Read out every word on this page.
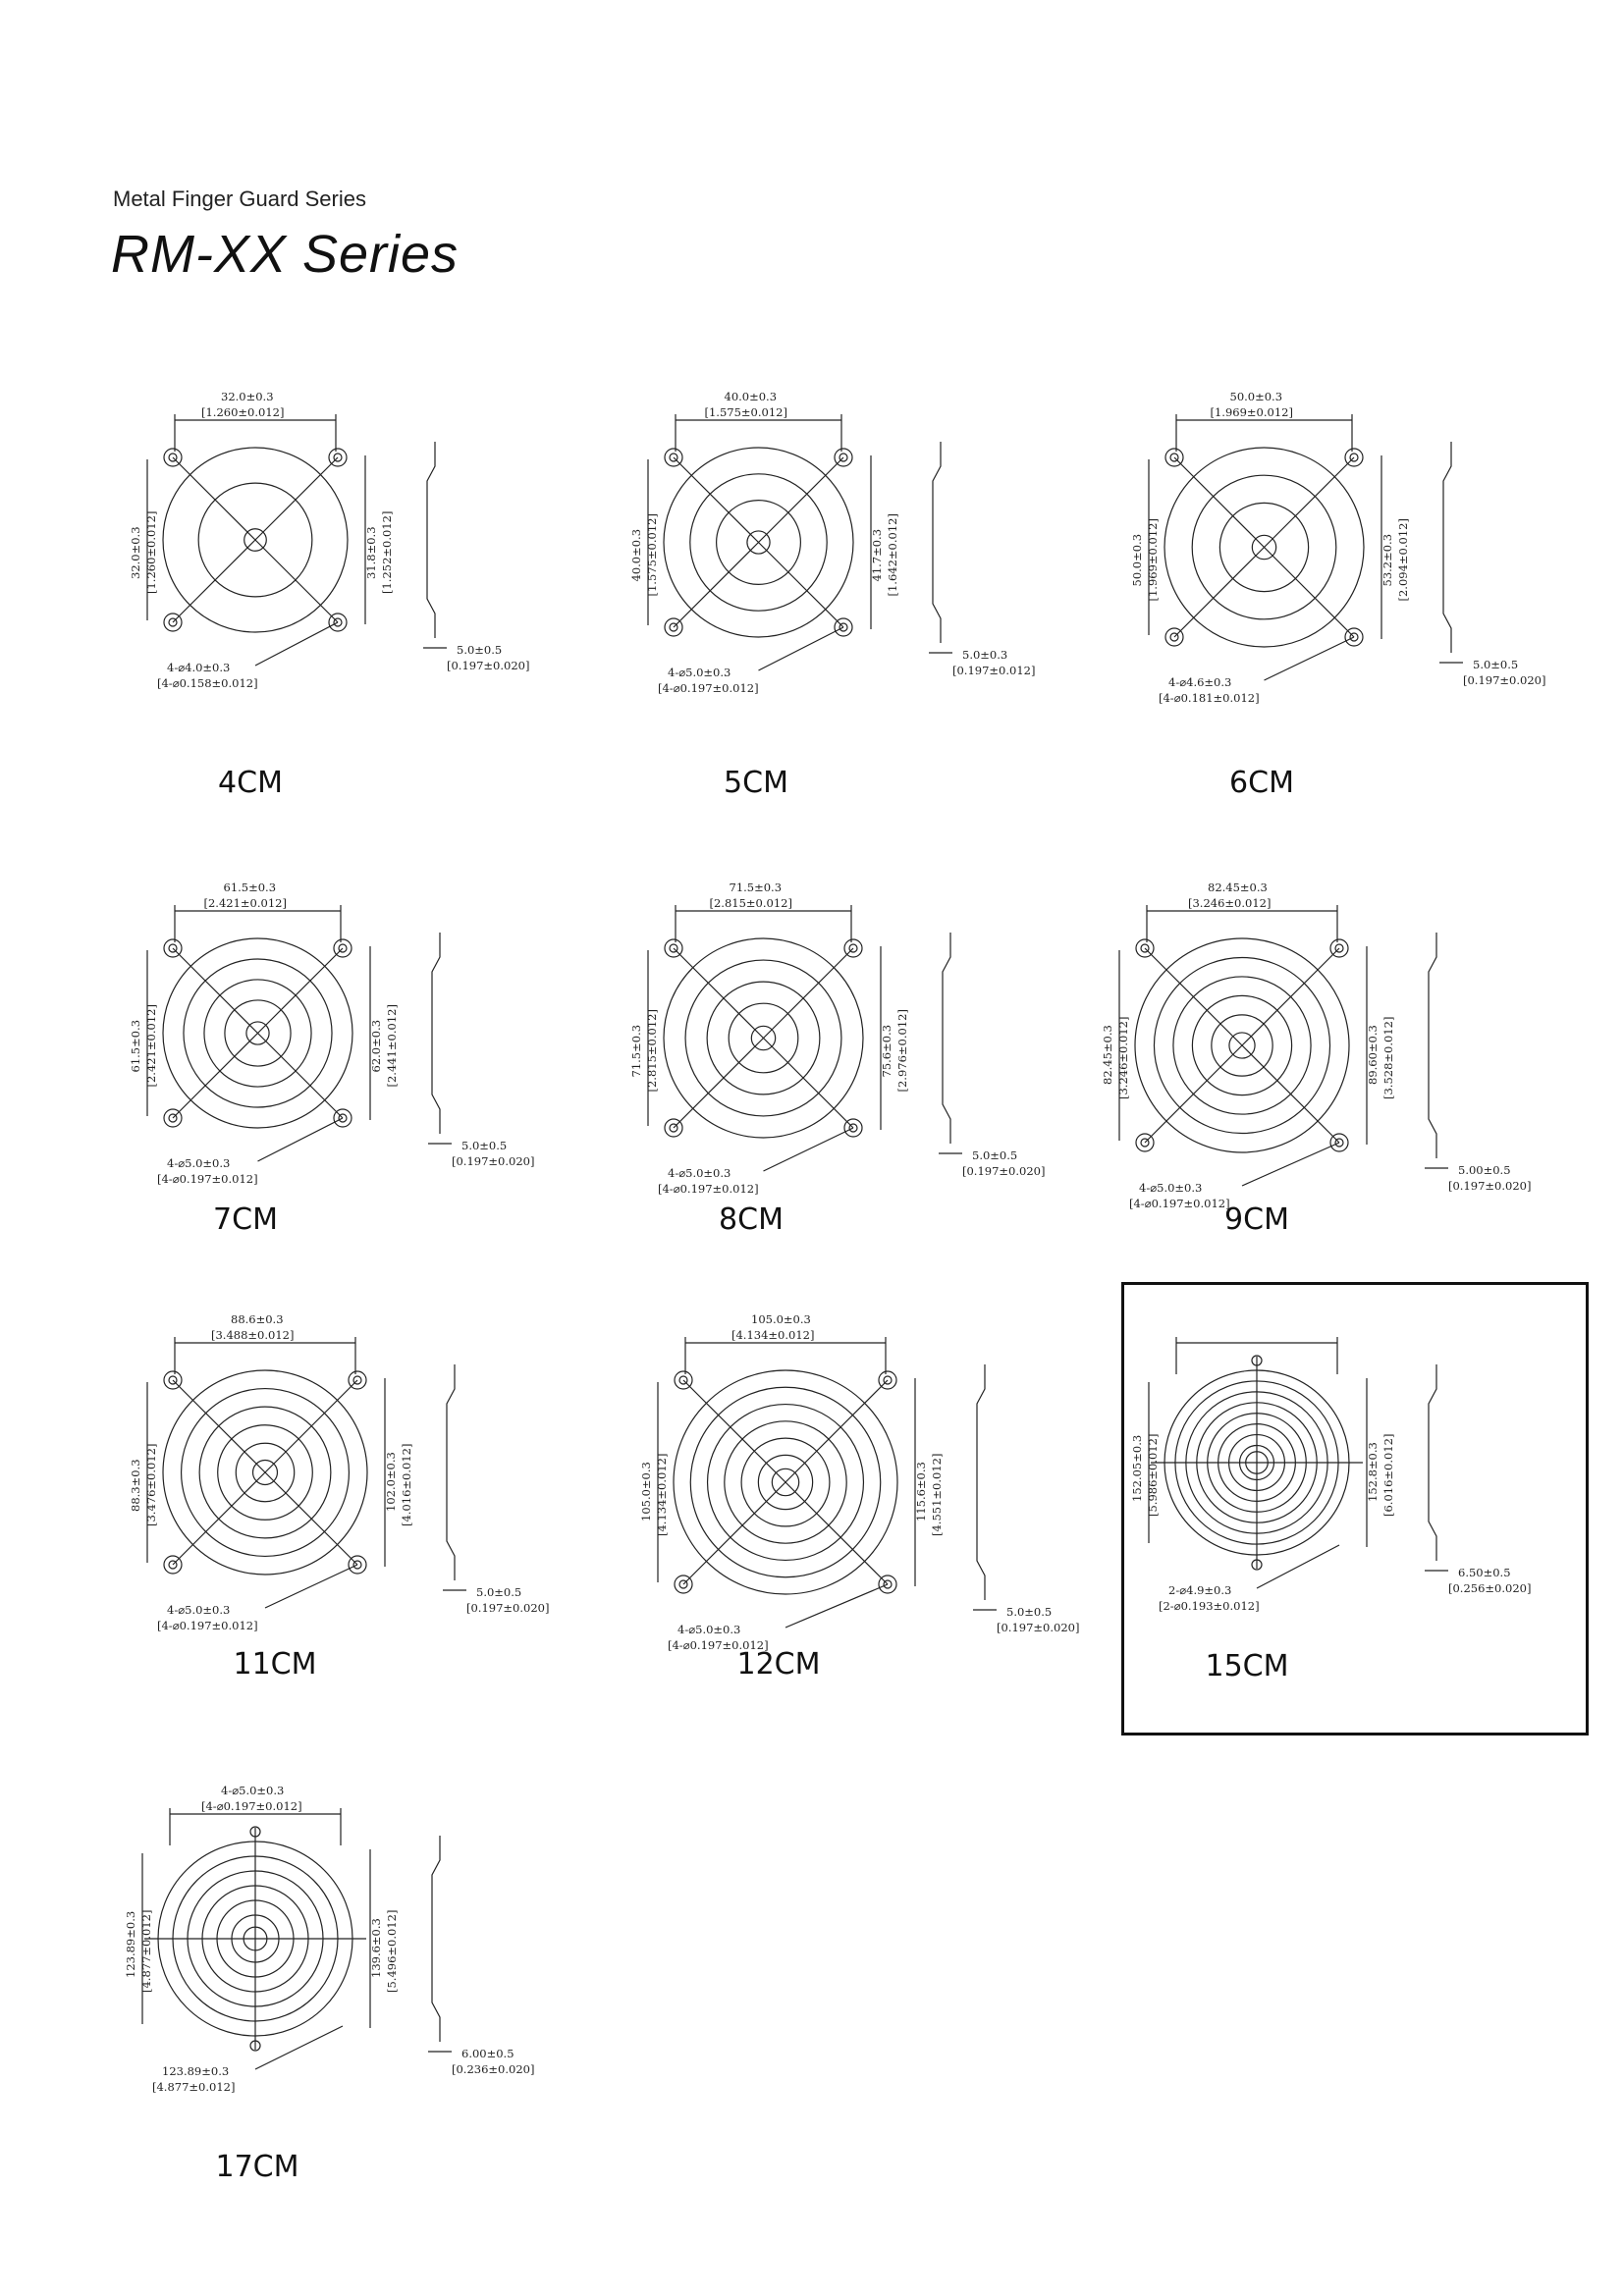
Metal Finger Guard Series
RM-XX Series
32.0±0.3
[1.260±0.012]
32.0±0.3 [1.260±0.012]	31.8±0.3 [1.252±0.012]
4-⌀4.0±0.3
[4-⌀0.158±0.012]
5.0±0.5
[0.197±0.020]
40.0±0.3
[1.575±0.012]
40.0±0.3 [1.575±0.012]	41.7±0.3 [1.642±0.012]
4-⌀5.0±0.3
[4-⌀0.197±0.012]
5.0±0.3
[0.197±0.012]
50.0±0.3
[1.969±0.012]
50.0±0.3 [1.969±0.012]	53.2±0.3 [2.094±0.012]
4-⌀4.6±0.3
[4-⌀0.181±0.012]
5.0±0.5
[0.197±0.020]
61.5±0.3
[2.421±0.012]
61.5±0.3 [2.421±0.012]	62.0±0.3 [2.441±0.012]
4-⌀5.0±0.3
[4-⌀0.197±0.012]
5.0±0.5
[0.197±0.020]
71.5±0.3
[2.815±0.012]
71.5±0.3 [2.815±0.012]	75.6±0.3 [2.976±0.012]
4-⌀5.0±0.3
[4-⌀0.197±0.012]
5.0±0.5
[0.197±0.020]
82.45±0.3
[3.246±0.012]
82.45±0.3 [3.246±0.012]	89.60±0.3 [3.528±0.012]
4-⌀5.0±0.3
[4-⌀0.197±0.012]
5.00±0.5
[0.197±0.020]
88.6±0.3
[3.488±0.012]
88.3±0.3 [3.476±0.012]	102.0±0.3 [4.016±0.012]
4-⌀5.0±0.3
[4-⌀0.197±0.012]
5.0±0.5
[0.197±0.020]
105.0±0.3
[4.134±0.012]
105.0±0.3 [4.134±0.012]	115.6±0.3 [4.551±0.012]
4-⌀5.0±0.3
[4-⌀0.197±0.012]
5.0±0.5
[0.197±0.020]
152.05±0.3 [5.986±0.012]	152.8±0.3 [6.016±0.012]
2-⌀4.9±0.3
[2-⌀0.193±0.012]
6.50±0.5
[0.256±0.020]
4-⌀5.0±0.3
[4-⌀0.197±0.012]
123.89±0.3 [4.877±0.012]	139.6±0.3 [5.496±0.012]
123.89±0.3
[4.877±0.012]
6.00±0.5
[0.236±0.020]
4CM	5CM	6CM
7CM	8CM	9CM
11CM	12CM	15CM
17CM
